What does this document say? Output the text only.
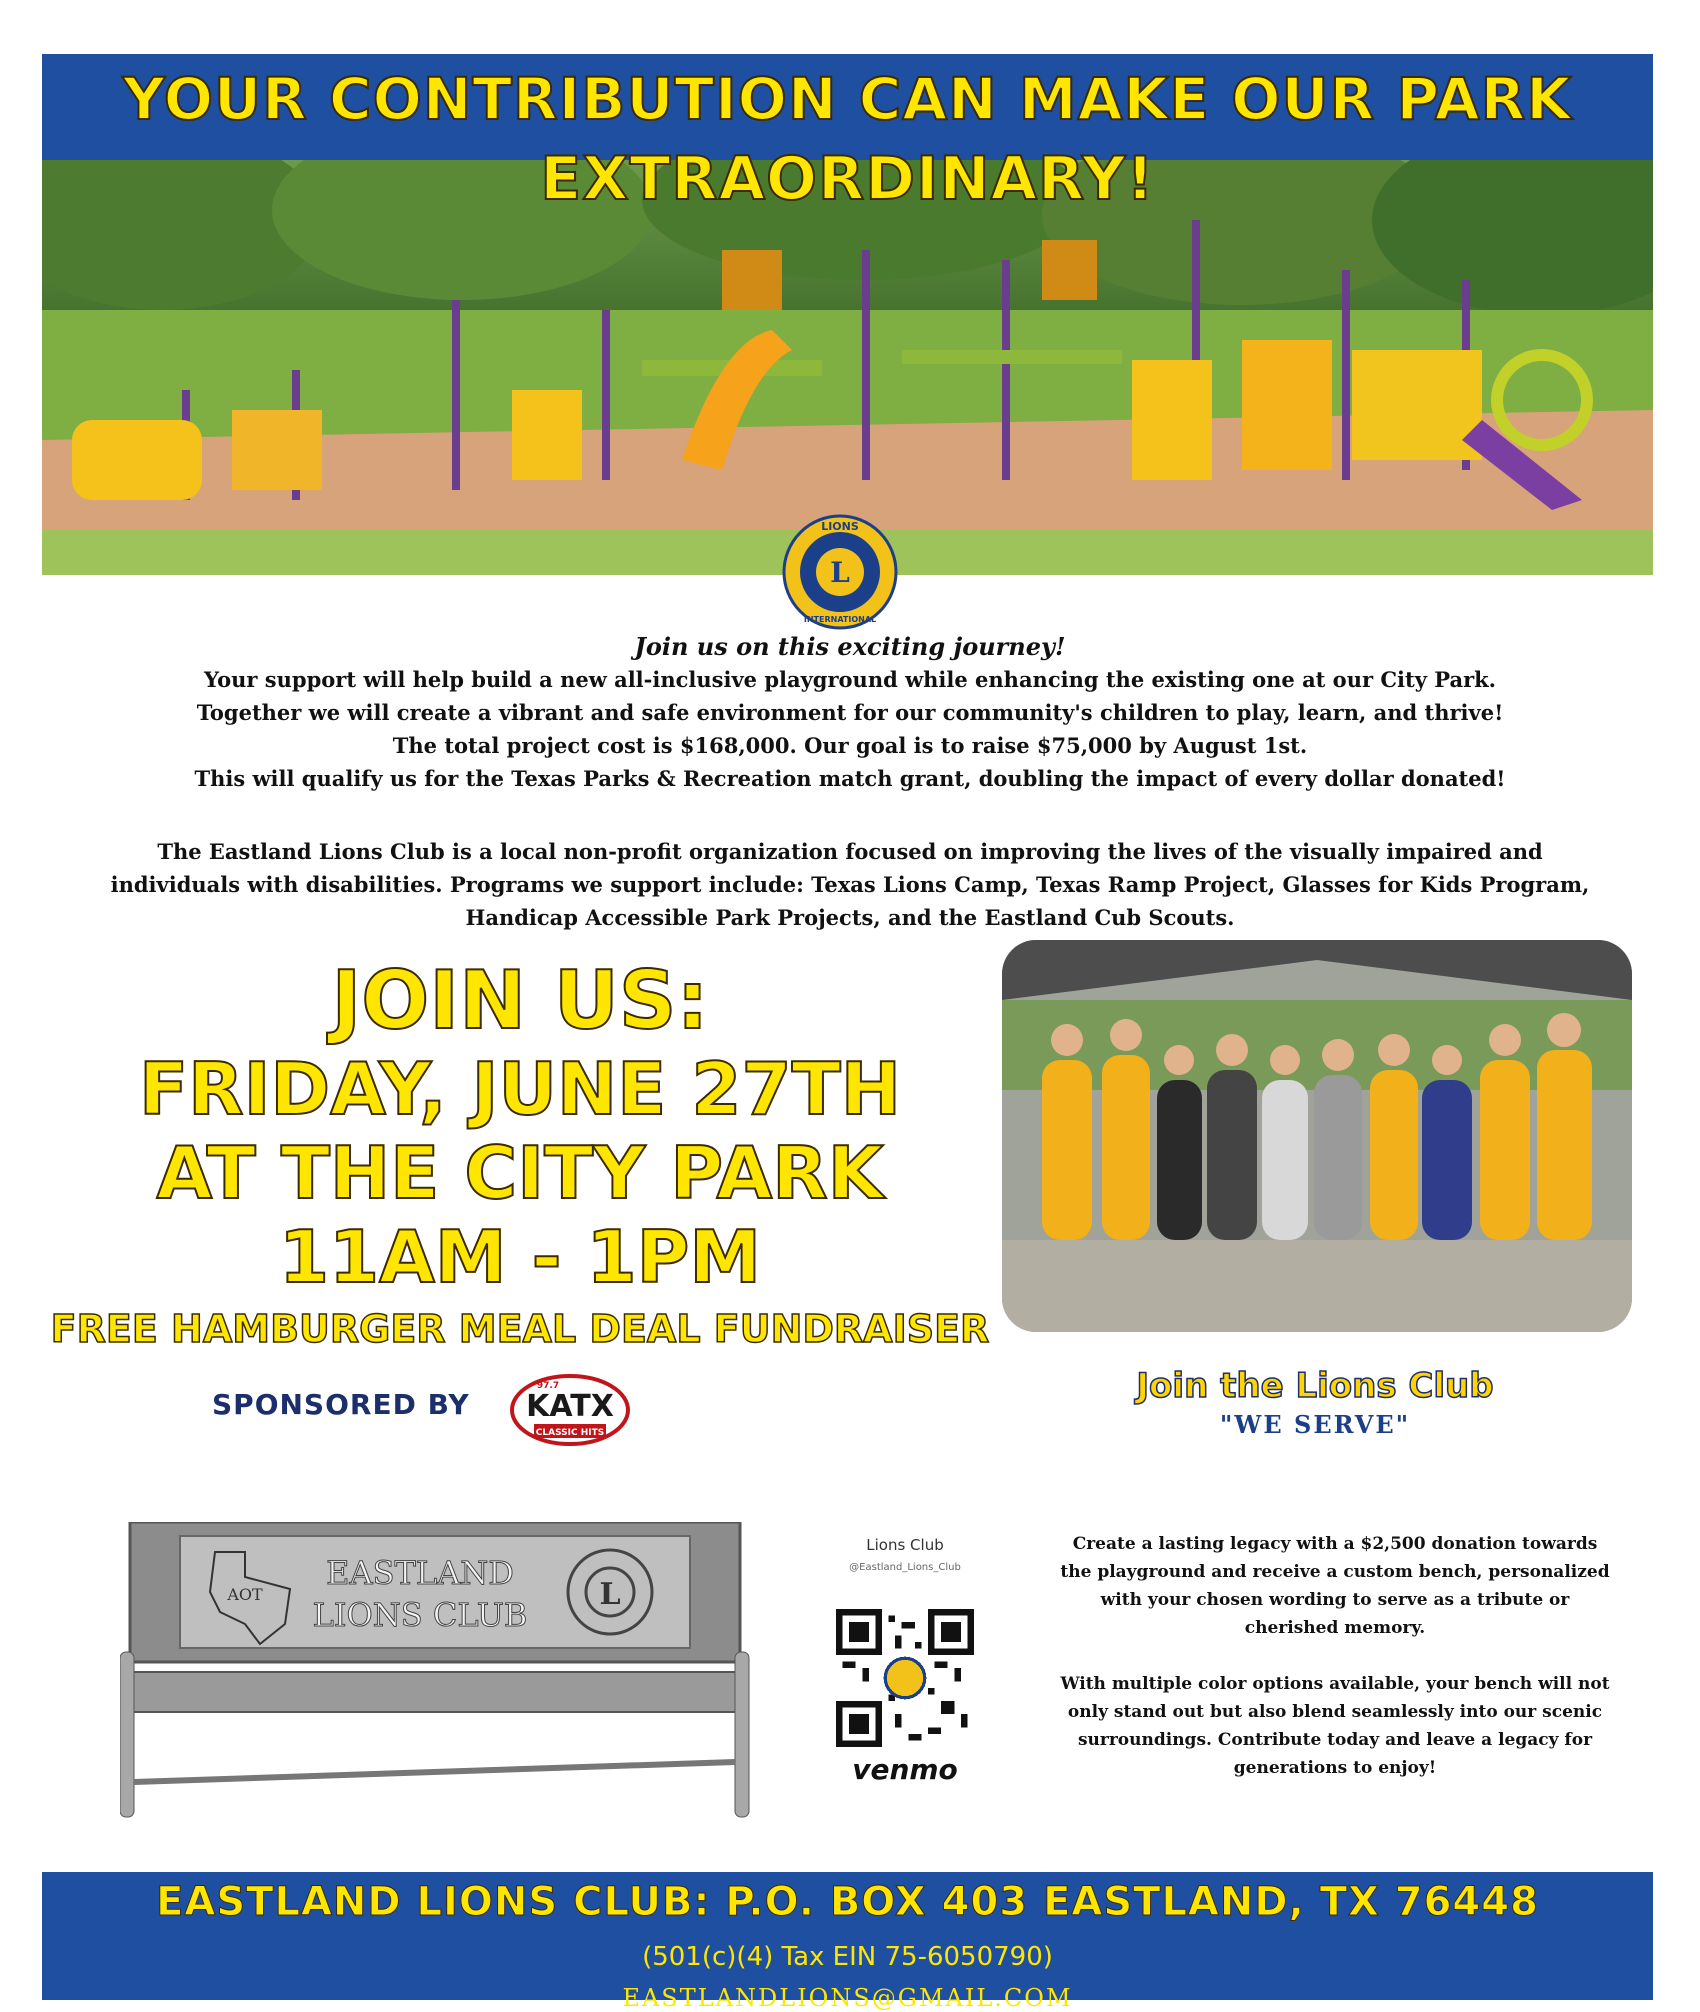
YOUR CONTRIBUTION CAN MAKE OUR PARK
EXTRAORDINARY!
L
LIONS
INTERNATIONAL
Join us on this exciting journey!
Your support will help build a new all-inclusive playground while enhancing the existing one at our City Park.
Together we will create a vibrant and safe environment for our community's children to play, learn, and thrive!
The total project cost is $168,000. Our goal is to raise $75,000 by August 1st.
This will qualify us for the Texas Parks & Recreation match grant, doubling the impact of every dollar donated!
The Eastland Lions Club is a local non-profit organization focused on improving the lives of the visually impaired and individuals with disabilities. Programs we support include: Texas Lions Camp, Texas Ramp Project, Glasses for Kids Program, Handicap Accessible Park Projects, and the Eastland Cub Scouts.
JOIN US:
FRIDAY, JUNE 27TH
AT THE CITY PARK
11AM - 1PM
FREE HAMBURGER MEAL DEAL FUNDRAISER
SPONSORED BY KATX
97.7
CLASSIC HITS
Join the Lions Club
"WE SERVE"
AOT
EASTLAND
LIONS CLUB
L
Lions Club
@Eastland_Lions_Club
venmo

Create a lasting legacy with a $2,500 donation towards the playground and receive a custom bench, personalized with your chosen wording to serve as a tribute or cherished memory.

With multiple color options available, your bench will not only stand out but also blend seamlessly into our scenic surroundings. Contribute today and leave a legacy for generations to enjoy!

EASTLAND LIONS CLUB: P.O. BOX 403 EASTLAND, TX 76448
(501(c)(4) Tax EIN 75-6050790)
EASTLANDLIONS@GMAIL.COM
